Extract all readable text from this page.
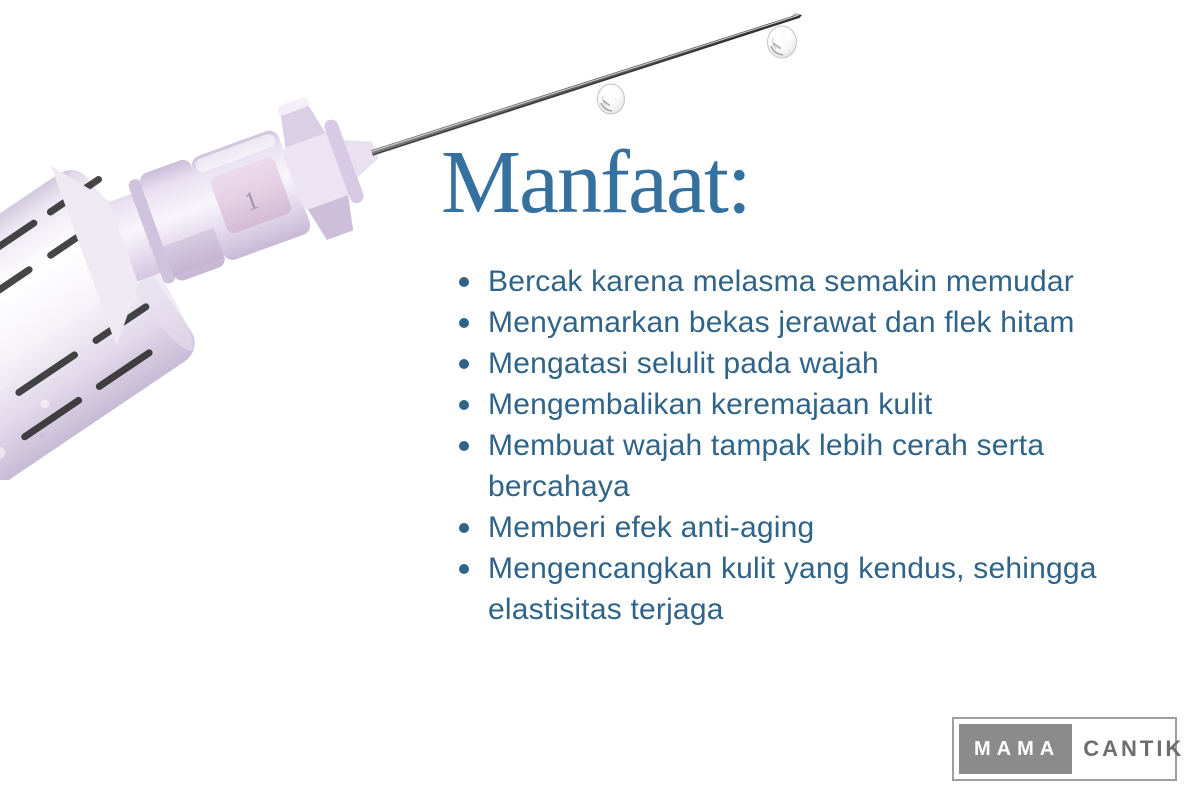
1 Manfaat:
Bercak karena melasma semakin memudar
Menyamarkan bekas jerawat dan flek hitam
Mengatasi selulit pada wajah
Mengembalikan keremajaan kulit
Membuat wajah tampak lebih cerah serta bercahaya
Memberi efek anti-aging
Mengencangkan kulit yang kendus, sehingga elastisitas terjaga
MAMA CANTIK
